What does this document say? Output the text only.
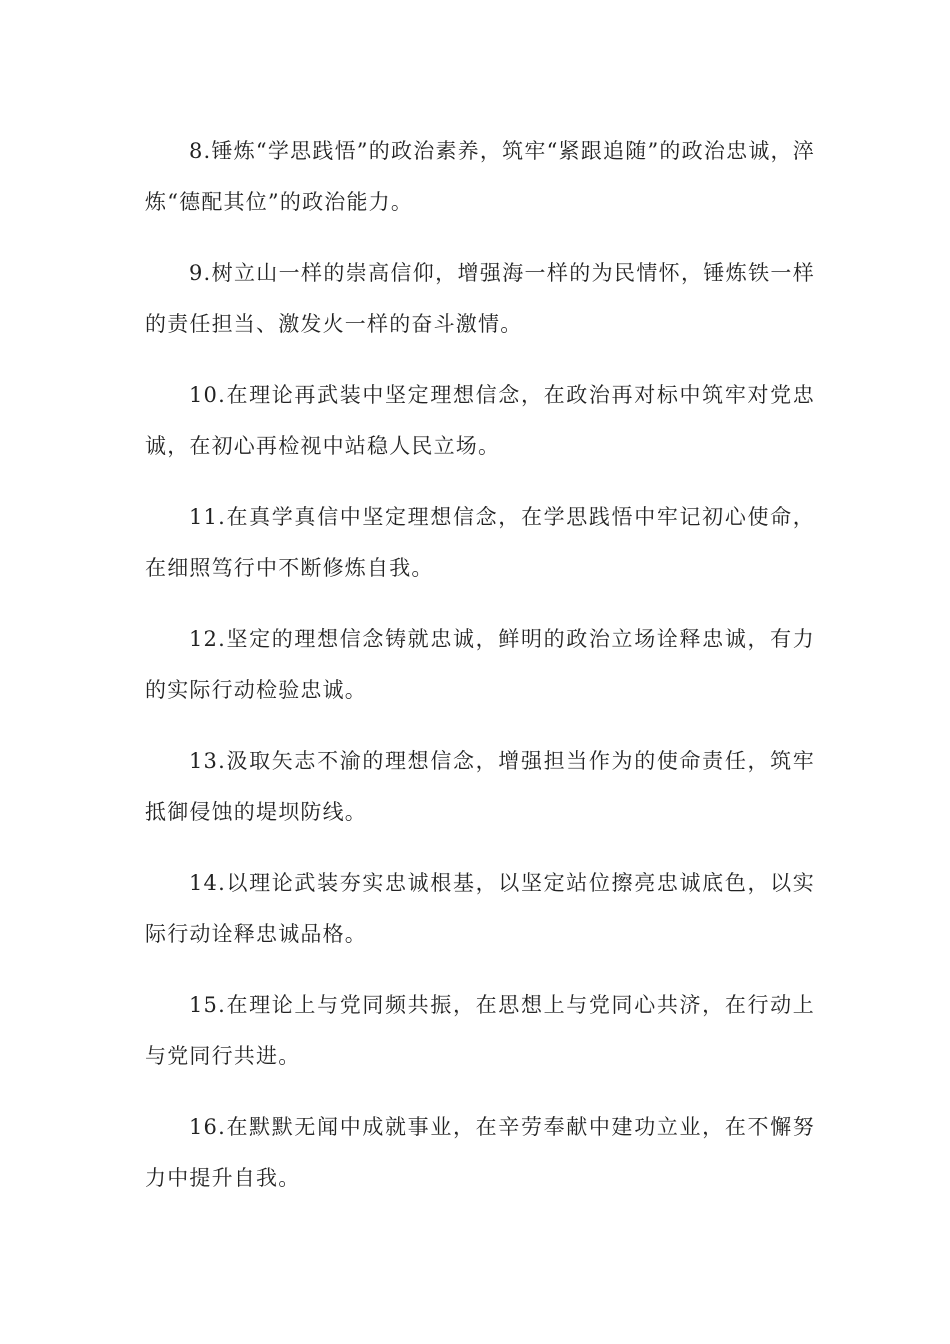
8.锤炼“学思践悟”的政治素养，筑牢“紧跟追随”的政治忠诚，淬炼“德配其位”的政治能力。

9.树立山一样的崇高信仰，增强海一样的为民情怀，锤炼铁一样的责任担当、激发火一样的奋斗激情。

10.在理论再武装中坚定理想信念，在政治再对标中筑牢对党忠诚，在初心再检视中站稳人民立场。

11.在真学真信中坚定理想信念，在学思践悟中牢记初心使命，在细照笃行中不断修炼自我。

12.坚定的理想信念铸就忠诚，鲜明的政治立场诠释忠诚，有力的实际行动检验忠诚。

13.汲取矢志不渝的理想信念，增强担当作为的使命责任，筑牢抵御侵蚀的堤坝防线。

14.以理论武装夯实忠诚根基，以坚定站位擦亮忠诚底色，以实际行动诠释忠诚品格。

15.在理论上与党同频共振，在思想上与党同心共济，在行动上与党同行共进。

16.在默默无闻中成就事业，在辛劳奉献中建功立业，在不懈努力中提升自我。
